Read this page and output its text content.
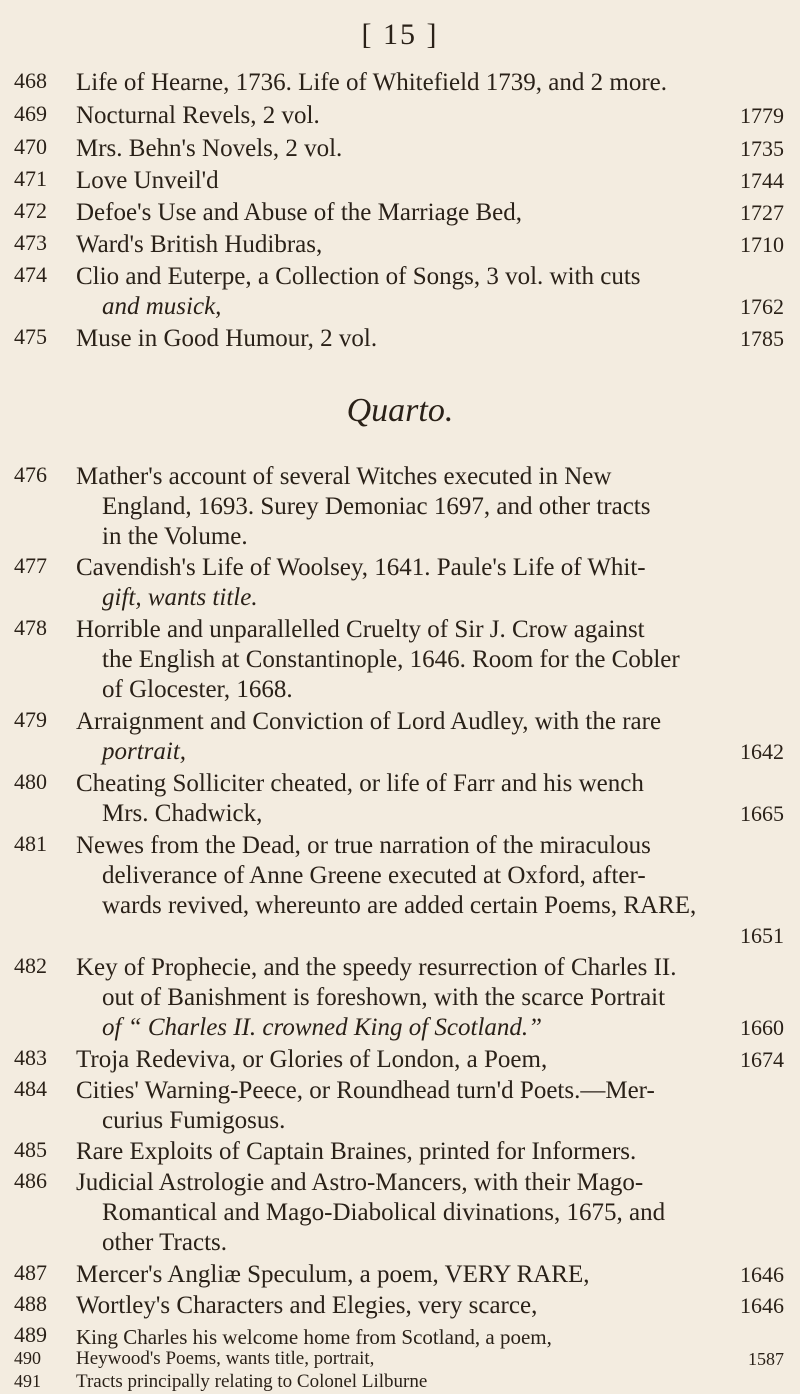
[ 15 ]
468	Life of Hearne, 1736. Life of Whitefield 1739, and 2 more.
469	Nocturnal Revels, 2 vol.	1779
470	Mrs. Behn's Novels, 2 vol.	1735
471	Love Unveil'd	1744
472	Defoe's Use and Abuse of the Marriage Bed,	1727
473	Ward's British Hudibras,	1710
474	Clio and Euterpe, a Collection of Songs, 3 vol. with cuts
and musick,	1762
475	Muse in Good Humour, 2 vol.	1785
Quarto.
476	Mather's account of several Witches executed in New
England, 1693. Surey Demoniac 1697, and other tracts
in the Volume.
477	Cavendish's Life of Woolsey, 1641. Paule's Life of Whit-
gift, wants title.
478	Horrible and unparallelled Cruelty of Sir J. Crow against
the English at Constantinople, 1646. Room for the Cobler
of Glocester, 1668.
479	Arraignment and Conviction of Lord Audley, with the rare
portrait,	1642
480	Cheating Solliciter cheated, or life of Farr and his wench
Mrs. Chadwick,	1665
481	Newes from the Dead, or true narration of the miraculous
deliverance of Anne Greene executed at Oxford, after-
wards revived, whereunto are added certain Poems, RARE,
1651
482	Key of Prophecie, and the speedy resurrection of Charles II.
out of Banishment is foreshown, with the scarce Portrait
of “ Charles II. crowned King of Scotland.”	1660
483	Troja Redeviva, or Glories of London, a Poem,	1674
484	Cities' Warning-Peece, or Roundhead turn'd Poets.—Mer-
curius Fumigosus.
485	Rare Exploits of Captain Braines, printed for Informers.
486	Judicial Astrologie and Astro-Mancers, with their Mago-
Romantical and Mago-Diabolical divinations, 1675, and
other Tracts.
487	Mercer's Angliæ Speculum, a poem, VERY RARE,	1646
488	Wortley's Characters and Elegies, very scarce,	1646
489	King Charles his welcome home from Scotland, a poem,
490	Heywood's Poems, wants title, portrait,	1587
491	Tracts principally relating to Colonel Lilburne
